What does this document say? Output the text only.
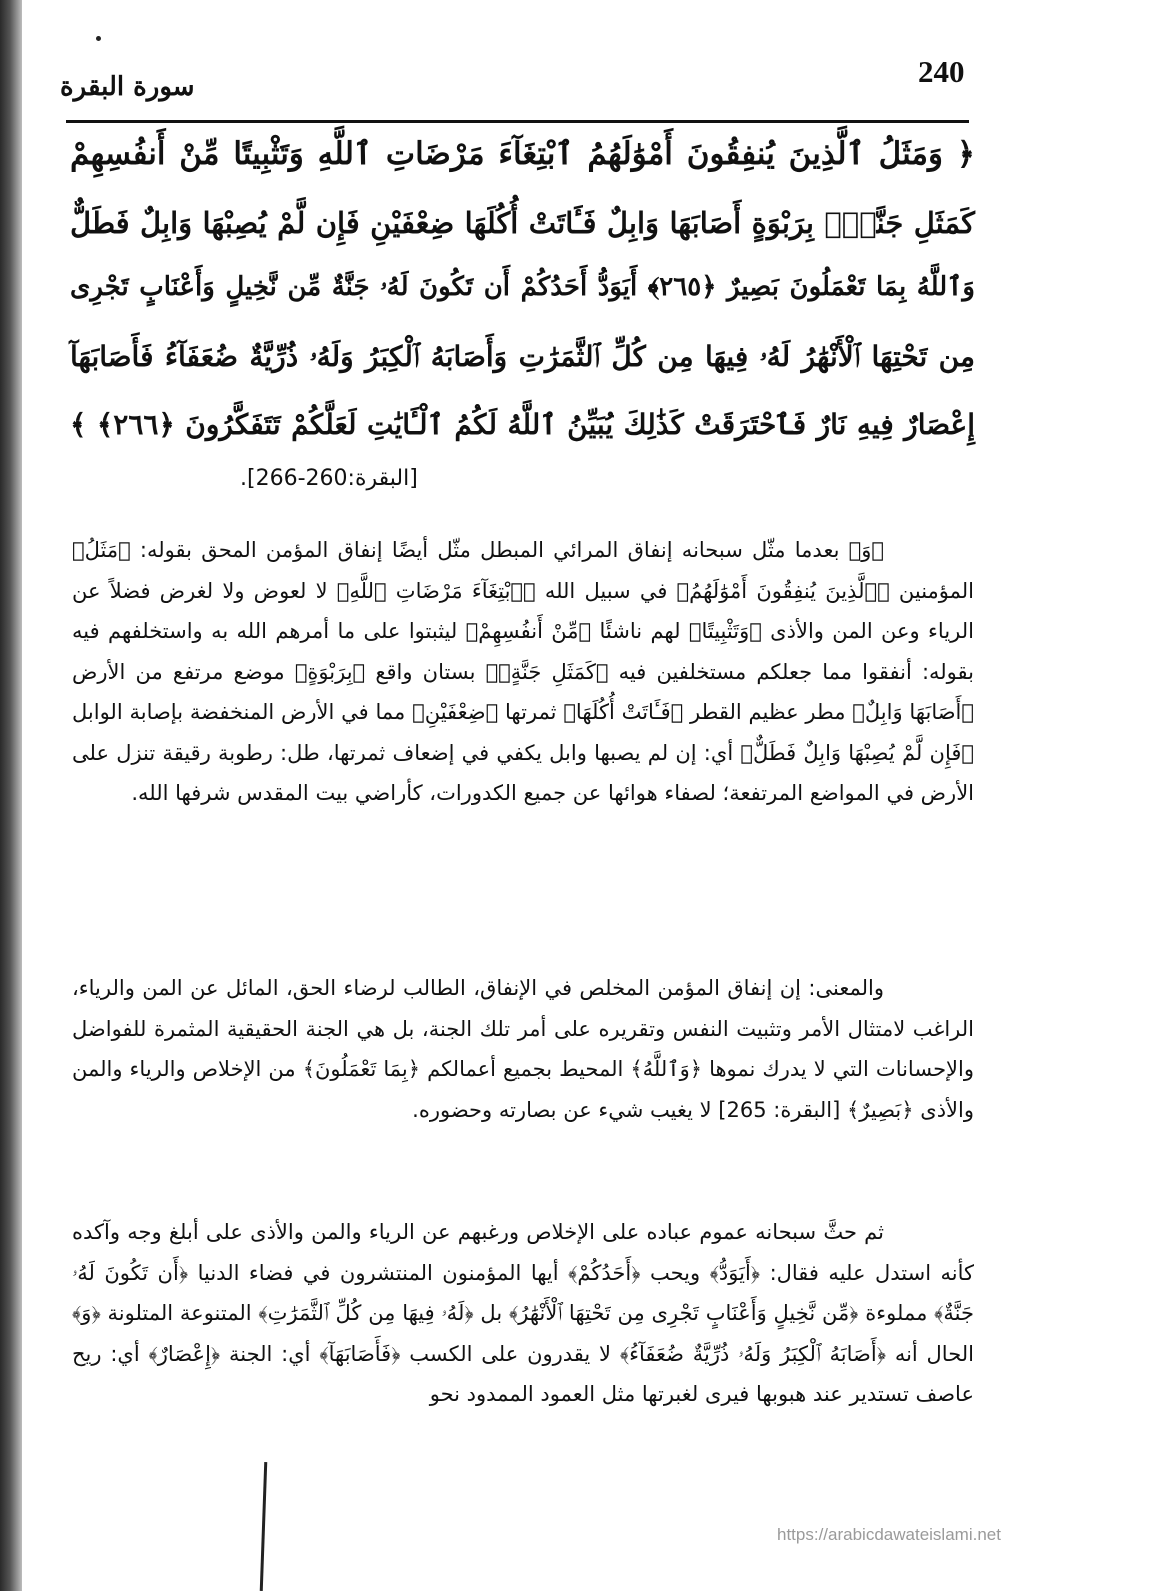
240
سورة البقرة
﴿ وَمَثَلُ ٱلَّذِينَ يُنفِقُونَ أَمْوَٰلَهُمُ ٱبْتِغَآءَ مَرْضَاتِ ٱللَّهِ وَتَثْبِيتًا مِّنْ أَنفُسِهِمْ
كَمَثَلِ جَنَّةٍۭ بِرَبْوَةٍ أَصَابَهَا وَابِلٌ فَـَٔاتَتْ أُكُلَهَا ضِعْفَيْنِ فَإِن لَّمْ يُصِبْهَا وَابِلٌ فَطَلٌّ
وَٱللَّهُ بِمَا تَعْمَلُونَ بَصِيرٌ ﴿٢٦٥﴾ أَيَوَدُّ أَحَدُكُمْ أَن تَكُونَ لَهُۥ جَنَّةٌ مِّن نَّخِيلٍ وَأَعْنَابٍ تَجْرِى
مِن تَحْتِهَا ٱلْأَنْهَٰرُ لَهُۥ فِيهَا مِن كُلِّ ٱلثَّمَرَٰتِ وَأَصَابَهُ ٱلْكِبَرُ وَلَهُۥ ذُرِّيَّةٌ ضُعَفَآءُ فَأَصَابَهَآ
إِعْصَارٌ فِيهِ نَارٌ فَٱحْتَرَقَتْ كَذَٰلِكَ يُبَيِّنُ ٱللَّهُ لَكُمُ ٱلْـَٔايَٰتِ لَعَلَّكُمْ تَتَفَكَّرُونَ ﴿٢٦٦﴾ ﴾
[البقرة:260-266].

﴿وَ﴾ بعدما مثّل سبحانه إنفاق المرائي المبطل مثّل أيضًا إنفاق المؤمن المحق بقوله: ﴿مَثَلُ﴾ المؤمنين ﴿ٱلَّذِينَ يُنفِقُونَ أَمْوَٰلَهُمُ﴾ في سبيل الله ﴿ٱبْتِغَآءَ مَرْضَاتِ ٱللَّهِ﴾ لا لعوض ولا لغرض فضلاً عن الرياء وعن المن والأذى ﴿وَتَثْبِيتًا﴾ لهم ناشئًا ﴿مِّنْ أَنفُسِهِمْ﴾ ليثبتوا على ما أمرهم الله به واستخلفهم فيه بقوله: أنفقوا مما جعلكم مستخلفين فيه ﴿كَمَثَلِ جَنَّةٍۭ﴾ بستان واقع ﴿بِرَبْوَةٍ﴾ موضع مرتفع من الأرض ﴿أَصَابَهَا وَابِلٌ﴾ مطر عظيم القطر ﴿فَـَٔاتَتْ أُكُلَهَا﴾ ثمرتها ﴿ضِعْفَيْنِ﴾ مما في الأرض المنخفضة بإصابة الوابل ﴿فَإِن لَّمْ يُصِبْهَا وَابِلٌ فَطَلٌّ﴾ أي: إن لم يصبها وابل يكفي في إضعاف ثمرتها، طل: رطوبة رقيقة تنزل على الأرض في المواضع المرتفعة؛ لصفاء هوائها عن جميع الكدورات، كأراضي بيت المقدس شرفها الله.

والمعنى: إن إنفاق المؤمن المخلص في الإنفاق، الطالب لرضاء الحق، المائل عن المن والرياء، الراغب لامتثال الأمر وتثبيت النفس وتقريره على أمر تلك الجنة، بل هي الجنة الحقيقية المثمرة للفواضل والإحسانات التي لا يدرك نموها ﴿وَٱللَّهُ﴾ المحيط بجميع أعمالكم ﴿بِمَا تَعْمَلُونَ﴾ من الإخلاص والرياء والمن والأذى ﴿بَصِيرٌ﴾ [البقرة: 265] لا يغيب شيء عن بصارته وحضوره.

ثم حثَّ سبحانه عموم عباده على الإخلاص ورغبهم عن الرياء والمن والأذى على أبلغ وجه وآكده كأنه استدل عليه فقال: ﴿أَيَوَدُّ﴾ ويحب ﴿أَحَدُكُمْ﴾ أيها المؤمنون المنتشرون في فضاء الدنيا ﴿أَن تَكُونَ لَهُۥ جَنَّةٌ﴾ مملوءة ﴿مِّن نَّخِيلٍ وَأَعْنَابٍ تَجْرِى مِن تَحْتِهَا ٱلْأَنْهَٰرُ﴾ بل ﴿لَهُۥ فِيهَا مِن كُلِّ ٱلثَّمَرَٰتِ﴾ المتنوعة المتلونة ﴿وَ﴾ الحال أنه ﴿أَصَابَهُ ٱلْكِبَرُ وَلَهُۥ ذُرِّيَّةٌ ضُعَفَآءُ﴾ لا يقدرون على الكسب ﴿فَأَصَابَهَآ﴾ أي: الجنة ﴿إِعْصَارٌ﴾ أي: ريح عاصف تستدير عند هبوبها فيرى لغبرتها مثل العمود الممدود نحو

https://arabicdawateislami.net
